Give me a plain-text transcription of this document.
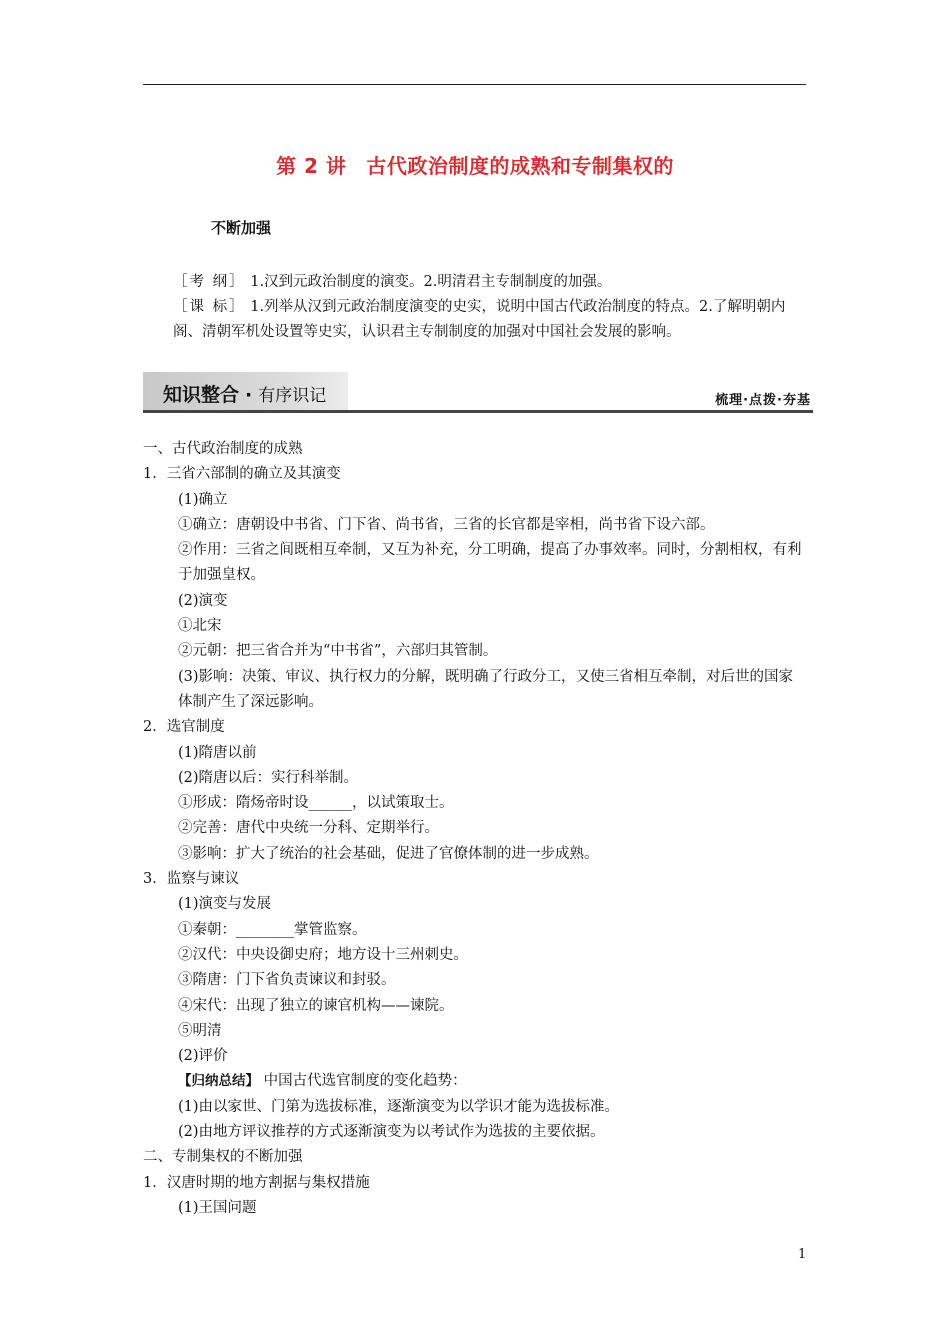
第 2 讲 古代政治制度的成熟和专制集权的
不断加强

［考 纲］ 1.汉到元政治制度的演变。2.明清君主专制制度的加强。

［课 标］ 1.列举从汉到元政治制度演变的史实，说明中国古代政治制度的特点。2.了解明朝内阁、清朝军机处设置等史实，认识君主专制制度的加强对中国社会发展的影响。

知识整合 · 有序识记	梳理·点拨·夯基
一、古代政治制度的成熟
1．三省六部制的确立及其演变
(1)确立
①确立：唐朝设中书省、门下省、尚书省，三省的长官都是宰相，尚书省下设六部。
②作用：三省之间既相互牵制，又互为补充，分工明确，提高了办事效率。同时，分割相权，有利于加强皇权。
(2)演变
①北宋
②元朝：把三省合并为“中书省”，六部归其管制。
(3)影响：决策、审议、执行权力的分解，既明确了行政分工，又使三省相互牵制，对后世的国家体制产生了深远影响。
2．选官制度
(1)隋唐以前
(2)隋唐以后：实行科举制。
①形成：隋炀帝时设______，以试策取士。
②完善：唐代中央统一分科、定期举行。
③影响：扩大了统治的社会基础，促进了官僚体制的进一步成熟。
3．监察与谏议
(1)演变与发展
①秦朝：________掌管监察。
②汉代：中央设御史府；地方设十三州刺史。
③隋唐：门下省负责谏议和封驳。
④宋代：出现了独立的谏官机构——谏院。
⑤明清
(2)评价
【归纳总结】 中国古代选官制度的变化趋势：
(1)由以家世、门第为选拔标准，逐渐演变为以学识才能为选拔标准。
(2)由地方评议推荐的方式逐渐演变为以考试作为选拔的主要依据。
二、专制集权的不断加强
1．汉唐时期的地方割据与集权措施
(1)王国问题
1
